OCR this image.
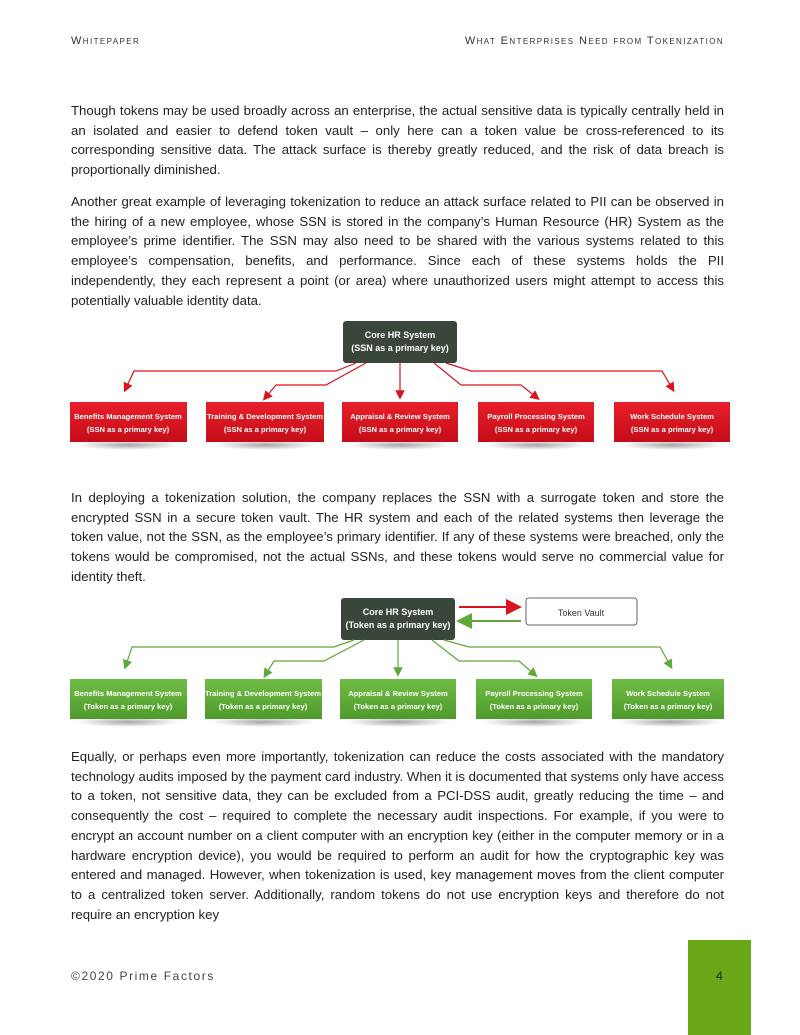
Whitepaper	What Enterprises Need from Tokenization

Though tokens may be used broadly across an enterprise, the actual sensitive data is typically centrally held in an isolated and easier to defend token vault – only here can a token value be cross-referenced to its corresponding sensitive data. The attack surface is thereby greatly reduced, and the risk of data breach is proportionally diminished.

Another great example of leveraging tokenization to reduce an attack surface related to PII can be observed in the hiring of a new employee, whose SSN is stored in the company’s Human Resource (HR) System as the employee’s prime identifier. The SSN may also need to be shared with the various systems related to this employee’s compensation, benefits, and performance. Since each of these systems holds the PII independently, they each represent a point (or area) where unauthorized users might attempt to access this potentially valuable identity data.

Core HR System
(SSN as a primary key)
Benefits Management System
(SSN as a primary key)
Training & Development System
(SSN as a primary key)
Appraisal & Review System
(SSN as a primary key)
Payroll Processing System
(SSN as a primary key)
Work Schedule System
(SSN as a primary key)

In deploying a tokenization solution, the company replaces the SSN with a surrogate token and store the encrypted SSN in a secure token vault. The HR system and each of the related systems then leverage the token value, not the SSN, as the employee’s primary identifier. If any of these systems were breached, only the tokens would be compromised, not the actual SSNs, and these tokens would serve no commercial value for identity theft.

Core HR System
(Token as a primary key)
Token Vault
Benefits Management System
(Token as a primary key)
Training & Development System
(Token as a primary key)
Appraisal & Review System
(Token as a primary key)
Payroll Processing System
(Token as a primary key)
Work Schedule System
(Token as a primary key)

Equally, or perhaps even more importantly, tokenization can reduce the costs associated with the mandatory technology audits imposed by the payment card industry. When it is documented that systems only have access to a token, not sensitive data, they can be excluded from a PCI-DSS audit, greatly reducing the time – and consequently the cost – required to complete the necessary audit inspections. For example, if you were to encrypt an account number on a client computer with an encryption key (either in the computer memory or in a hardware encryption device), you would be required to perform an audit for how the cryptographic key was entered and managed. However, when tokenization is used, key management moves from the client computer to a centralized token server. Additionally, random tokens do not use encryption keys and therefore do not require an encryption key

©2020 Prime Factors	4
